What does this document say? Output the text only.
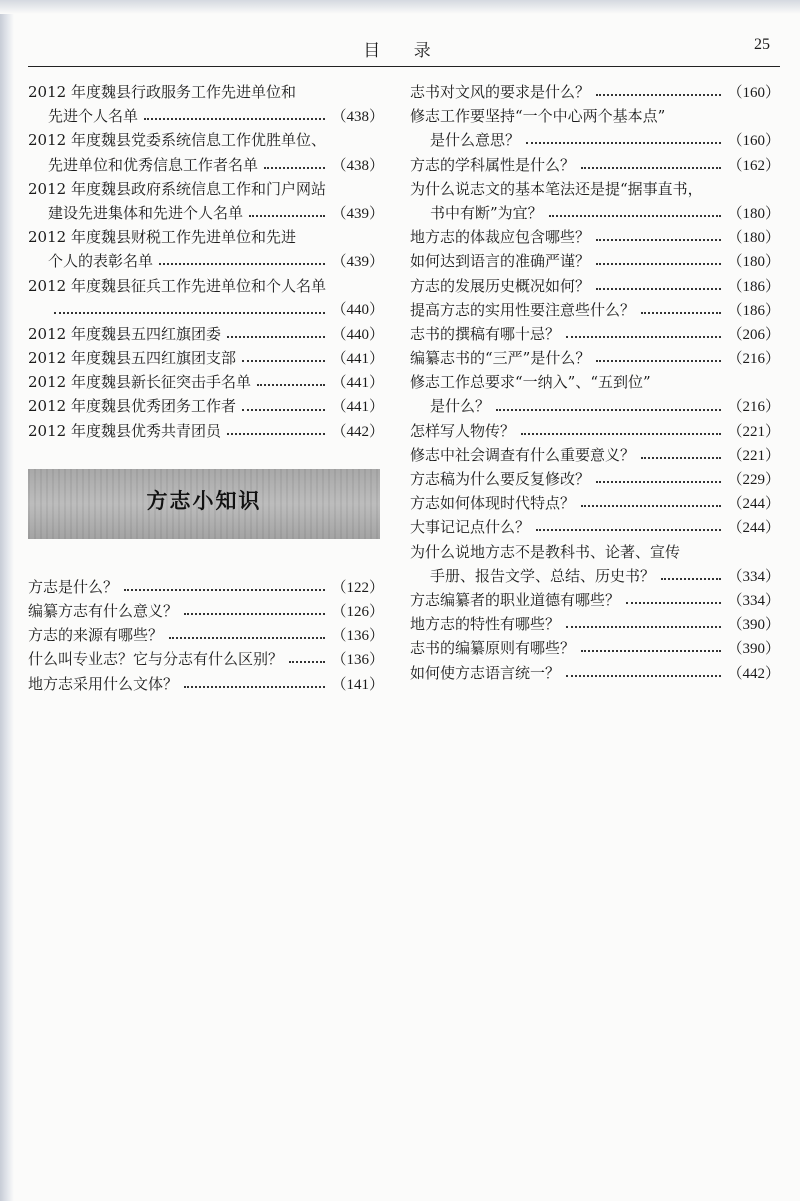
目 录	25
2012 年度魏县行政服务工作先进单位和
先进个人名单	（438）
2012 年度魏县党委系统信息工作优胜单位、
先进单位和优秀信息工作者名单	（438）
2012 年度魏县政府系统信息工作和门户网站
建设先进集体和先进个人名单	（439）
2012 年度魏县财税工作先进单位和先进
个人的表彰名单	（439）
2012 年度魏县征兵工作先进单位和个人名单
（440）
2012 年度魏县五四红旗团委	（440）
2012 年度魏县五四红旗团支部	（441）
2012 年度魏县新长征突击手名单	（441）
2012 年度魏县优秀团务工作者	（441）
2012 年度魏县优秀共青团员	（442）
方志小知识
方志是什么？	（122）
编纂方志有什么意义？	（126）
方志的来源有哪些？	（136）
什么叫专业志？它与分志有什么区别？	（136）
地方志采用什么文体？	（141）
志书对文风的要求是什么？	（160）
修志工作要坚持“一个中心两个基本点”
是什么意思？	（160）
方志的学科属性是什么？	（162）
为什么说志文的基本笔法还是提“据事直书，
书中有断”为宜？	（180）
地方志的体裁应包含哪些？	（180）
如何达到语言的准确严谨？	（180）
方志的发展历史概况如何？	（186）
提高方志的实用性要注意些什么？	（186）
志书的撰稿有哪十忌？	（206）
编纂志书的“三严”是什么？	（216）
修志工作总要求“一纳入”、“五到位”
是什么？	（216）
怎样写人物传？	（221）
修志中社会调查有什么重要意义？	（221）
方志稿为什么要反复修改？	（229）
方志如何体现时代特点？	（244）
大事记记点什么？	（244）
为什么说地方志不是教科书、论著、宣传
手册、报告文学、总结、历史书？	（334）
方志编纂者的职业道德有哪些？	（334）
地方志的特性有哪些？	（390）
志书的编纂原则有哪些？	（390）
如何使方志语言统一？	（442）
